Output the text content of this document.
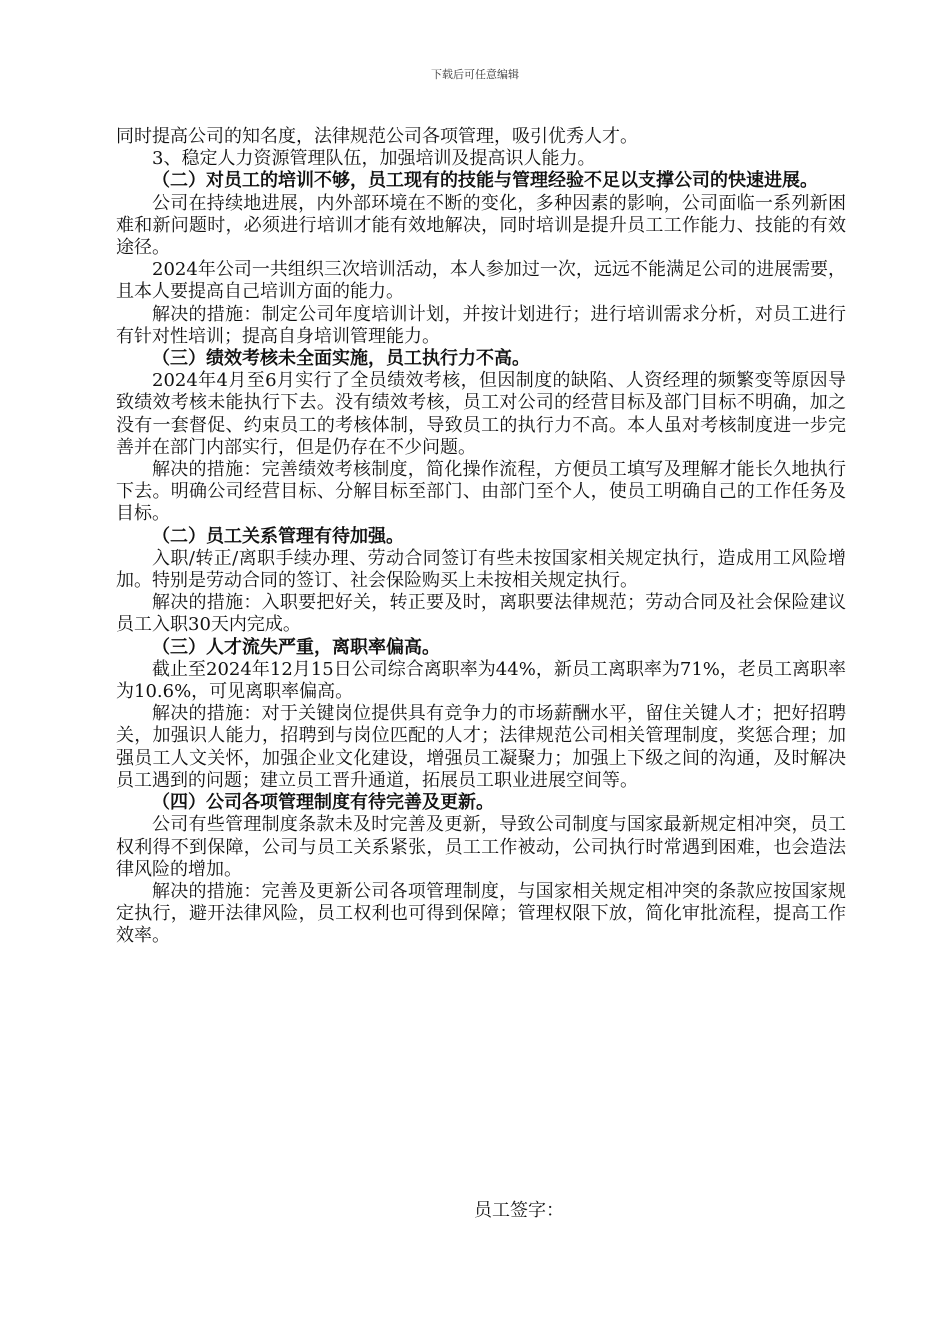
下载后可任意编辑

同时提高公司的知名度，法律规范公司各项管理，吸引优秀人才。

3、稳定人力资源管理队伍，加强培训及提高识人能力。

（二）对员工的培训不够，员工现有的技能与管理经验不足以支撑公司的快速进展。

公司在持续地进展，内外部环境在不断的变化，多种因素的影响，公司面临一系列新困难和新问题时，必须进行培训才能有效地解决，同时培训是提升员工工作能力、技能的有效途径。

2024年公司一共组织三次培训活动，本人参加过一次，远远不能满足公司的进展需要，且本人要提高自己培训方面的能力。

解决的措施：制定公司年度培训计划，并按计划进行；进行培训需求分析，对员工进行有针对性培训；提高自身培训管理能力。

（三）绩效考核未全面实施，员工执行力不高。

2024年4月至6月实行了全员绩效考核，但因制度的缺陷、人资经理的频繁变等原因导致绩效考核未能执行下去。没有绩效考核，员工对公司的经营目标及部门目标不明确，加之没有一套督促、约束员工的考核体制，导致员工的执行力不高。本人虽对考核制度进一步完善并在部门内部实行，但是仍存在不少问题。

解决的措施：完善绩效考核制度，简化操作流程，方便员工填写及理解才能长久地执行下去。明确公司经营目标、分解目标至部门、由部门至个人，使员工明确自己的工作任务及目标。

（二）员工关系管理有待加强。

入职/转正/离职手续办理、劳动合同签订有些未按国家相关规定执行，造成用工风险增加。特别是劳动合同的签订、社会保险购买上未按相关规定执行。

解决的措施：入职要把好关，转正要及时，离职要法律规范；劳动合同及社会保险建议员工入职30天内完成。

（三）人才流失严重，离职率偏高。

截止至2024年12月15日公司综合离职率为44%，新员工离职率为71%，老员工离职率为10.6%，可见离职率偏高。

解决的措施：对于关键岗位提供具有竞争力的市场薪酬水平，留住关键人才；把好招聘关，加强识人能力，招聘到与岗位匹配的人才；法律规范公司相关管理制度，奖惩合理；加强员工人文关怀，加强企业文化建设，增强员工凝聚力；加强上下级之间的沟通，及时解决员工遇到的问题；建立员工晋升通道，拓展员工职业进展空间等。

（四）公司各项管理制度有待完善及更新。

公司有些管理制度条款未及时完善及更新，导致公司制度与国家最新规定相冲突，员工权利得不到保障，公司与员工关系紧张，员工工作被动，公司执行时常遇到困难，也会造法律风险的增加。

解决的措施：完善及更新公司各项管理制度，与国家相关规定相冲突的条款应按国家规定执行，避开法律风险，员工权利也可得到保障；管理权限下放，简化审批流程，提高工作效率。

员工签字：
